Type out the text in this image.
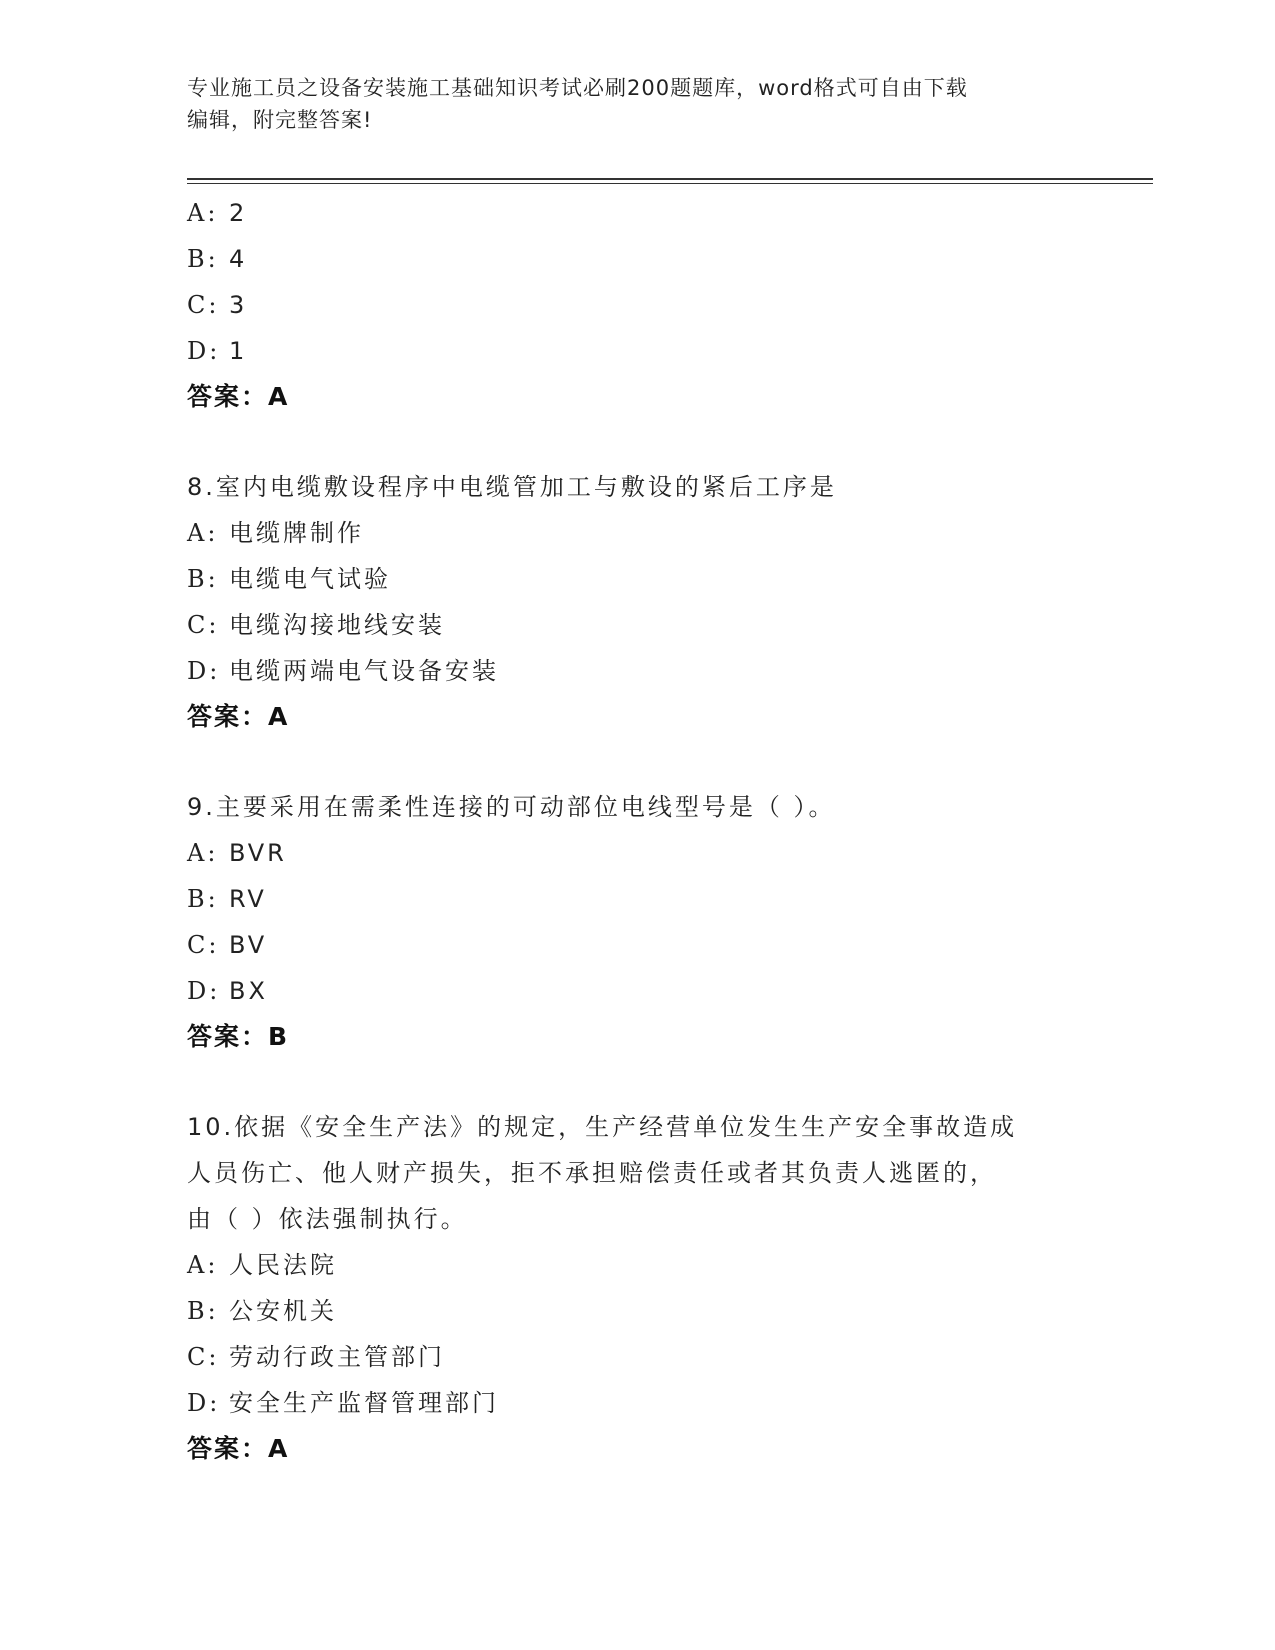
专业施工员之设备安装施工基础知识考试必刷200题题库，word格式可自由下载
编辑，附完整答案!
A: 2
B: 4
C: 3
D: 1
答案：A
8.室内电缆敷设程序中电缆管加工与敷设的紧后工序是
A: 电缆牌制作
B: 电缆电气试验
C: 电缆沟接地线安装
D: 电缆两端电气设备安装
答案：A
9.主要采用在需柔性连接的可动部位电线型号是（ ）。
A: BVR
B: RV
C: BV
D: BX
答案：B
10.依据《安全生产法》的规定，生产经营单位发生生产安全事故造成
人员伤亡、他人财产损失，拒不承担赔偿责任或者其负责人逃匿的，
由（ ）依法强制执行。
A: 人民法院
B: 公安机关
C: 劳动行政主管部门
D: 安全生产监督管理部门
答案：A
